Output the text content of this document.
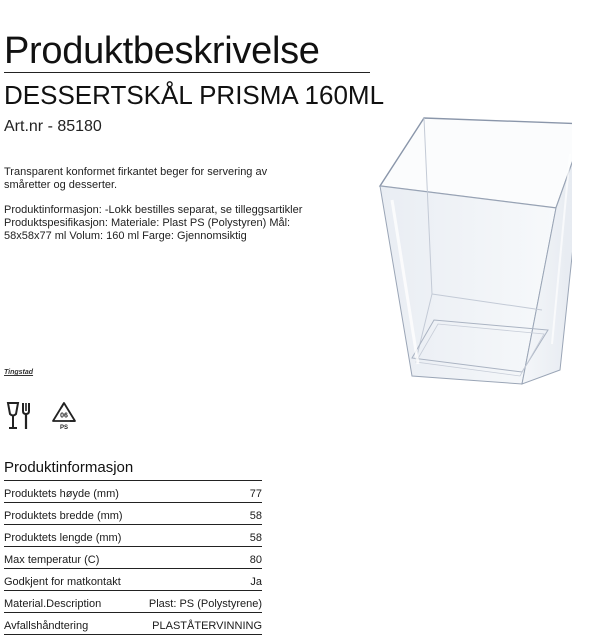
Produktbeskrivelse
DESSERTSKÅL PRISMA 160ML
Art.nr - 85180
Transparent konformet firkantet beger for servering av småretter og desserter.
Produktinformasjon: -Lokk bestilles separat, se tilleggsartikler
Produktspesifikasjon: Materiale: Plast PS (Polystyren) Mål: 58x58x77 ml Volum: 160 ml Farge: Gjennomsiktig
Tingstad
06
PS
Produktinformasjon
Produktets høyde (mm)	77
Produktets bredde (mm)	58
Produktets lengde (mm)	58
Max temperatur (C)	80
Godkjent for matkontakt	Ja
Material.Description	Plast: PS (Polystyrene)
Avfallshåndtering	PLASTÅTERVINNING
